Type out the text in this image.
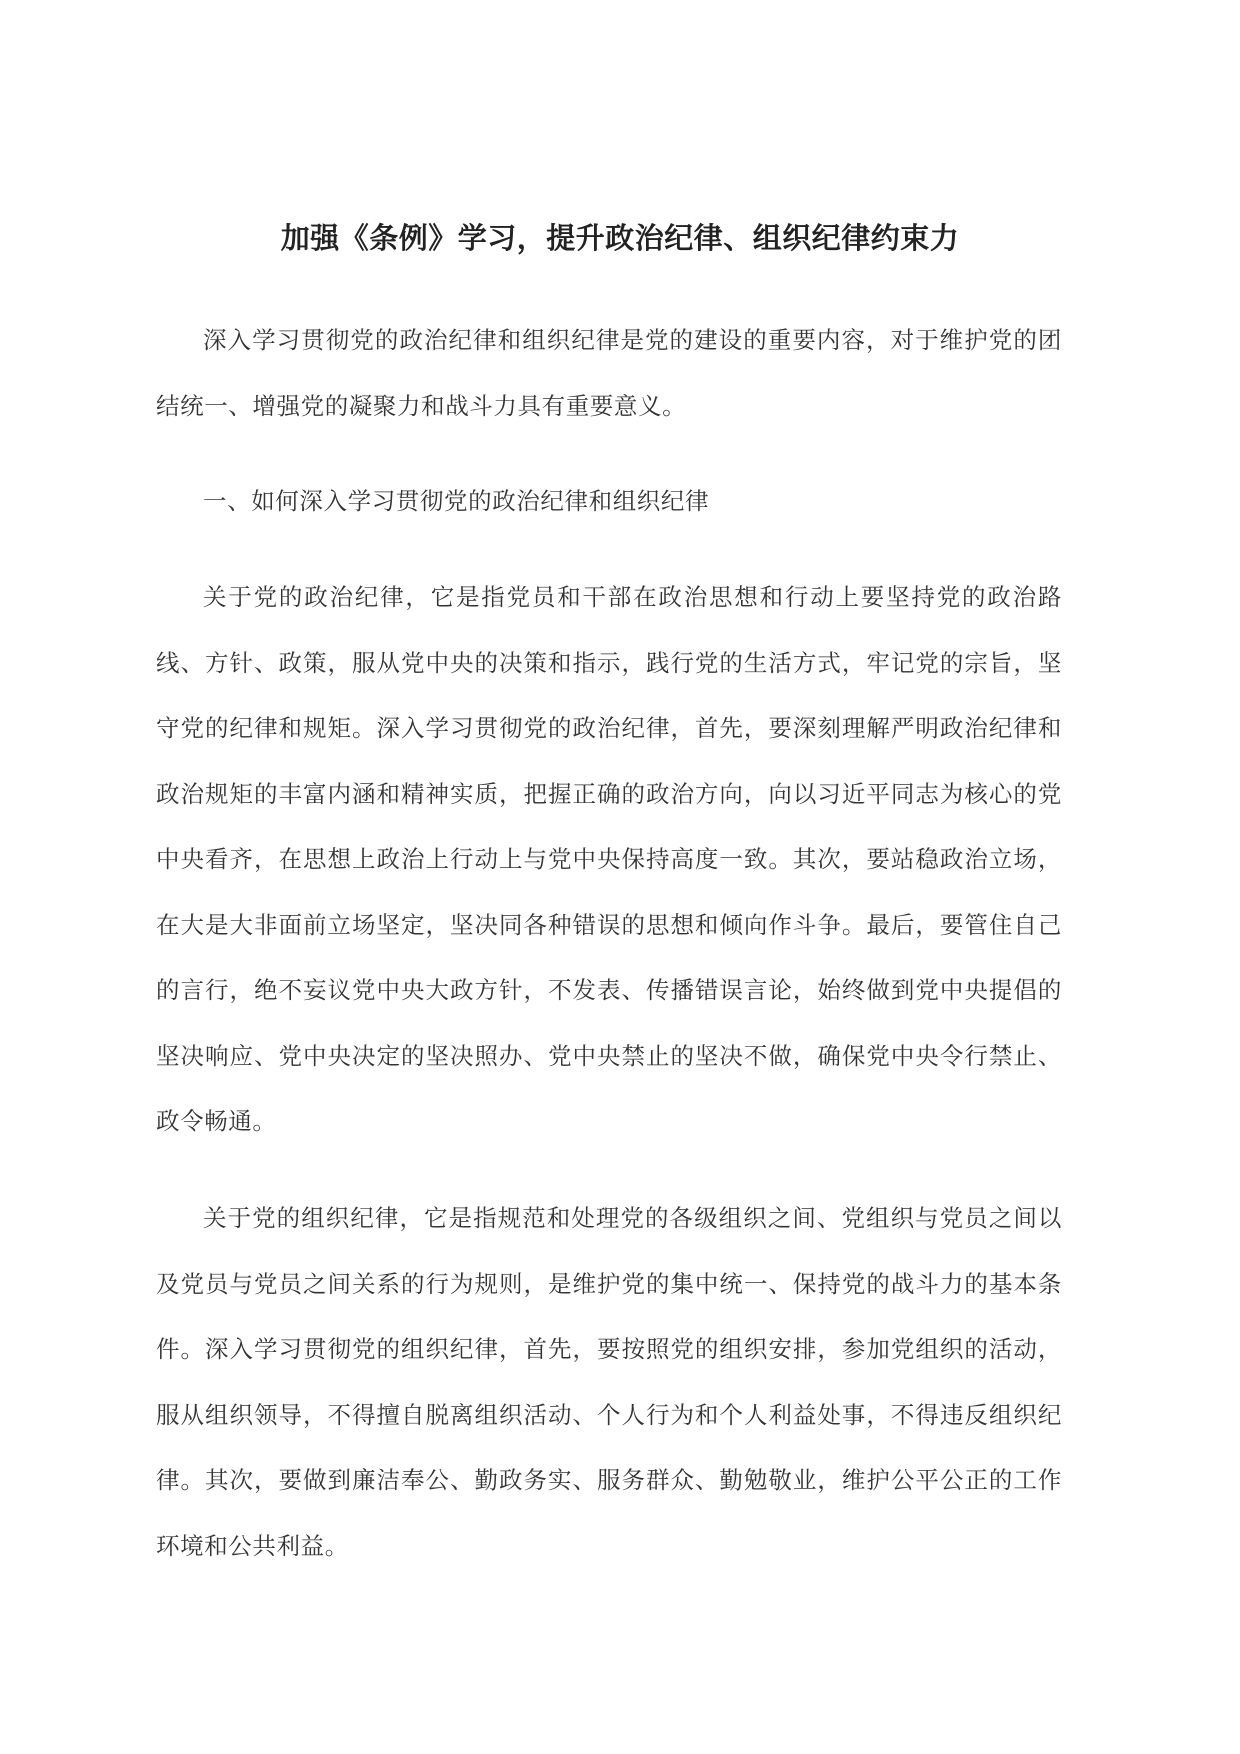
加强《条例》学习，提升政治纪律、组织纪律约束力

深入学习贯彻党的政治纪律和组织纪律是党的建设的重要内容，对于维护党的团结统一、增强党的凝聚力和战斗力具有重要意义。

一、如何深入学习贯彻党的政治纪律和组织纪律

关于党的政治纪律，它是指党员和干部在政治思想和行动上要坚持党的政治路线、方针、政策，服从党中央的决策和指示，践行党的生活方式，牢记党的宗旨，坚守党的纪律和规矩。深入学习贯彻党的政治纪律，首先，要深刻理解严明政治纪律和政治规矩的丰富内涵和精神实质，把握正确的政治方向，向以习近平同志为核心的党中央看齐，在思想上政治上行动上与党中央保持高度一致。其次，要站稳政治立场，在大是大非面前立场坚定，坚决同各种错误的思想和倾向作斗争。最后，要管住自己的言行，绝不妄议党中央大政方针，不发表、传播错误言论，始终做到党中央提倡的坚决响应、党中央决定的坚决照办、党中央禁止的坚决不做，确保党中央令行禁止、政令畅通。

关于党的组织纪律，它是指规范和处理党的各级组织之间、党组织与党员之间以及党员与党员之间关系的行为规则，是维护党的集中统一、保持党的战斗力的基本条件。深入学习贯彻党的组织纪律，首先，要按照党的组织安排，参加党组织的活动，服从组织领导，不得擅自脱离组织活动、个人行为和个人利益处事，不得违反组织纪律。其次，要做到廉洁奉公、勤政务实、服务群众、勤勉敬业，维护公平公正的工作环境和公共利益。
